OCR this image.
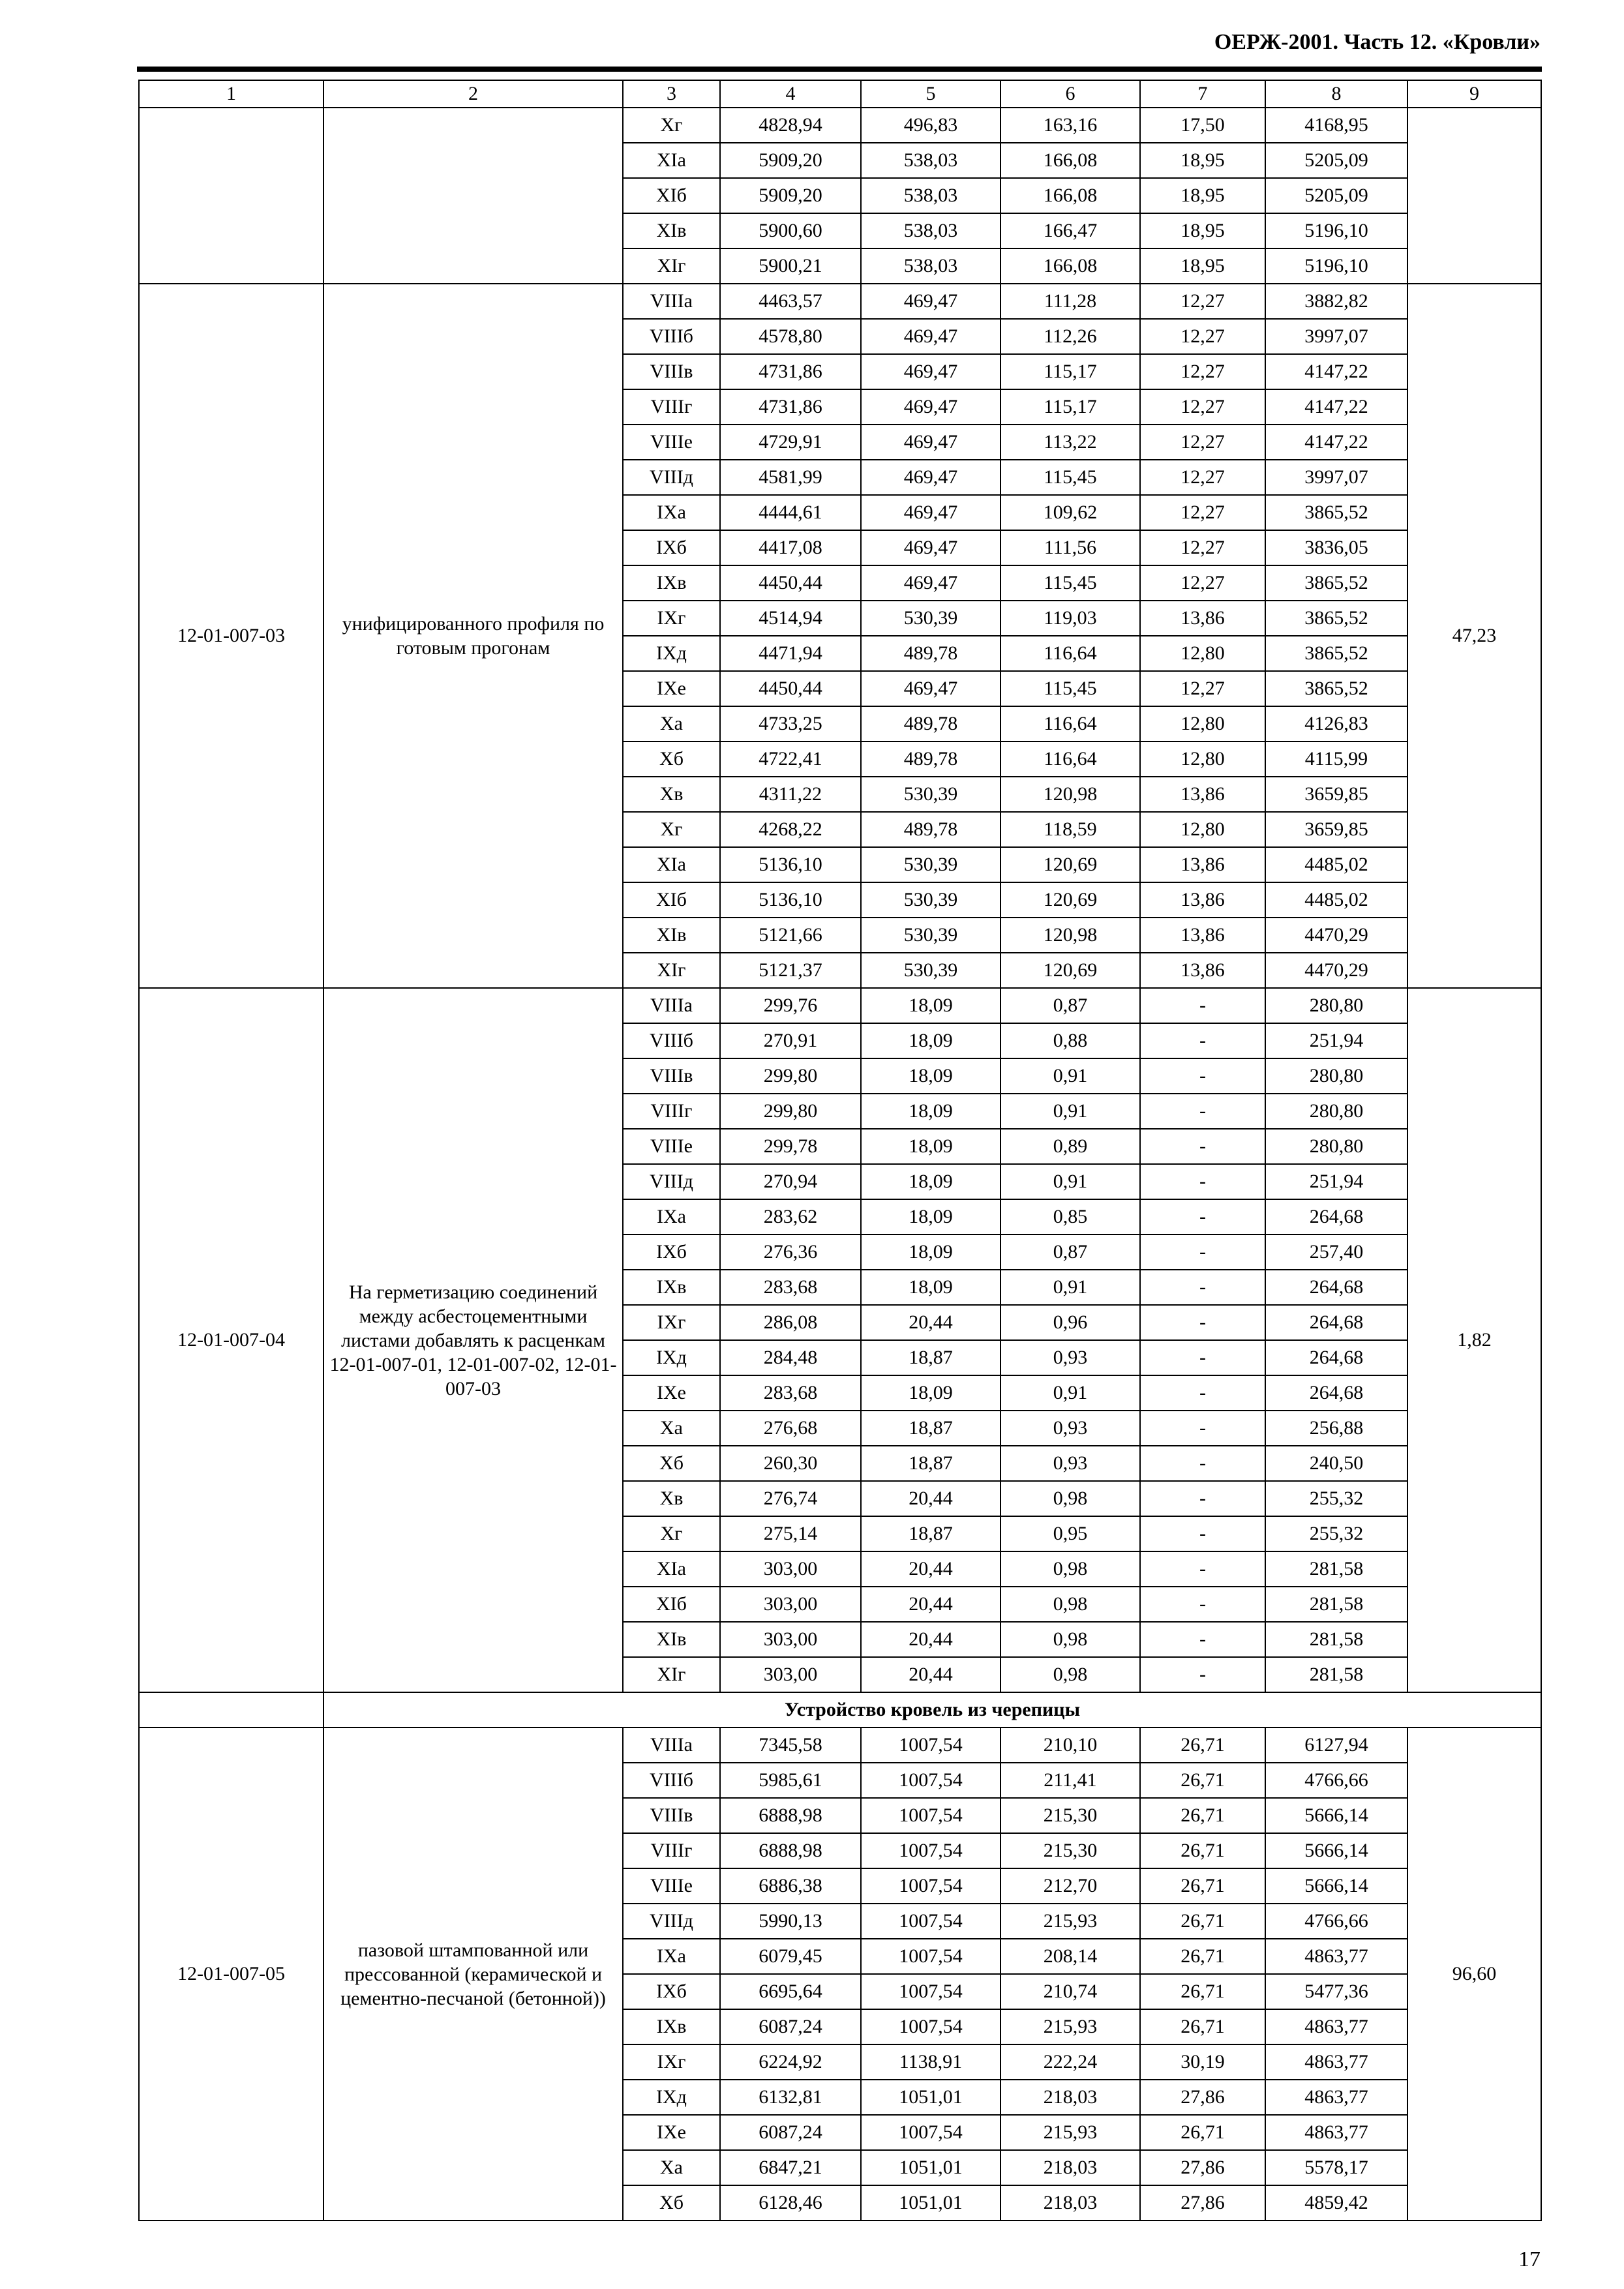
ОЕРЖ-2001. Часть 12. «Кровли»
1	2	3	4	5	6	7	8	9
		Хг	4828,94	496,83	163,16	17,50	4168,95	
		XIа	5909,20	538,03	166,08	18,95	5205,09	
		XIб	5909,20	538,03	166,08	18,95	5205,09	
		XIв	5900,60	538,03	166,47	18,95	5196,10	
		XIг	5900,21	538,03	166,08	18,95	5196,10	
12-01-007-03	унифицированного профиля по готовым прогонам	VIIIа	4463,57	469,47	111,28	12,27	3882,82	47,23
		VIIIб	4578,80	469,47	112,26	12,27	3997,07	
		VIIIв	4731,86	469,47	115,17	12,27	4147,22	
		VIIIг	4731,86	469,47	115,17	12,27	4147,22	
		VIIIе	4729,91	469,47	113,22	12,27	4147,22	
		VIIIд	4581,99	469,47	115,45	12,27	3997,07	
		IXа	4444,61	469,47	109,62	12,27	3865,52	
		IXб	4417,08	469,47	111,56	12,27	3836,05	
		IXв	4450,44	469,47	115,45	12,27	3865,52	
		IXг	4514,94	530,39	119,03	13,86	3865,52	
		IXд	4471,94	489,78	116,64	12,80	3865,52	
		IXе	4450,44	469,47	115,45	12,27	3865,52	
		Xа	4733,25	489,78	116,64	12,80	4126,83	
		Xб	4722,41	489,78	116,64	12,80	4115,99	
		Xв	4311,22	530,39	120,98	13,86	3659,85	
		Xг	4268,22	489,78	118,59	12,80	3659,85	
		XIа	5136,10	530,39	120,69	13,86	4485,02	
		XIб	5136,10	530,39	120,69	13,86	4485,02	
		XIв	5121,66	530,39	120,98	13,86	4470,29	
		XIг	5121,37	530,39	120,69	13,86	4470,29	
12-01-007-04	На герметизацию соединений между асбестоцементными листами добавлять к расценкам 12-01-007-01, 12-01-007-02, 12-01-007-03	VIIIа	299,76	18,09	0,87	-	280,80	1,82
		VIIIб	270,91	18,09	0,88	-	251,94	
		VIIIв	299,80	18,09	0,91	-	280,80	
		VIIIг	299,80	18,09	0,91	-	280,80	
		VIIIе	299,78	18,09	0,89	-	280,80	
		VIIIд	270,94	18,09	0,91	-	251,94	
		IXа	283,62	18,09	0,85	-	264,68	
		IXб	276,36	18,09	0,87	-	257,40	
		IXв	283,68	18,09	0,91	-	264,68	
		IXг	286,08	20,44	0,96	-	264,68	
		IXд	284,48	18,87	0,93	-	264,68	
		IXе	283,68	18,09	0,91	-	264,68	
		Xа	276,68	18,87	0,93	-	256,88	
		Xб	260,30	18,87	0,93	-	240,50	
		Xв	276,74	20,44	0,98	-	255,32	
		Xг	275,14	18,87	0,95	-	255,32	
		XIа	303,00	20,44	0,98	-	281,58	
		XIб	303,00	20,44	0,98	-	281,58	
		XIв	303,00	20,44	0,98	-	281,58	
		XIг	303,00	20,44	0,98	-	281,58	
	Устройство кровель из черепицы							
12-01-007-05	пазовой штампованной или прессованной (керамической и цементно-песчаной (бетонной))	VIIIа	7345,58	1007,54	210,10	26,71	6127,94	96,60
		VIIIб	5985,61	1007,54	211,41	26,71	4766,66	
		VIIIв	6888,98	1007,54	215,30	26,71	5666,14	
		VIIIг	6888,98	1007,54	215,30	26,71	5666,14	
		VIIIе	6886,38	1007,54	212,70	26,71	5666,14	
		VIIIд	5990,13	1007,54	215,93	26,71	4766,66	
		IXа	6079,45	1007,54	208,14	26,71	4863,77	
		IXб	6695,64	1007,54	210,74	26,71	5477,36	
		IXв	6087,24	1007,54	215,93	26,71	4863,77	
		IXг	6224,92	1138,91	222,24	30,19	4863,77	
		IXд	6132,81	1051,01	218,03	27,86	4863,77	
		IXе	6087,24	1007,54	215,93	26,71	4863,77	
		Xа	6847,21	1051,01	218,03	27,86	5578,17	
		Xб	6128,46	1051,01	218,03	27,86	4859,42	
17
